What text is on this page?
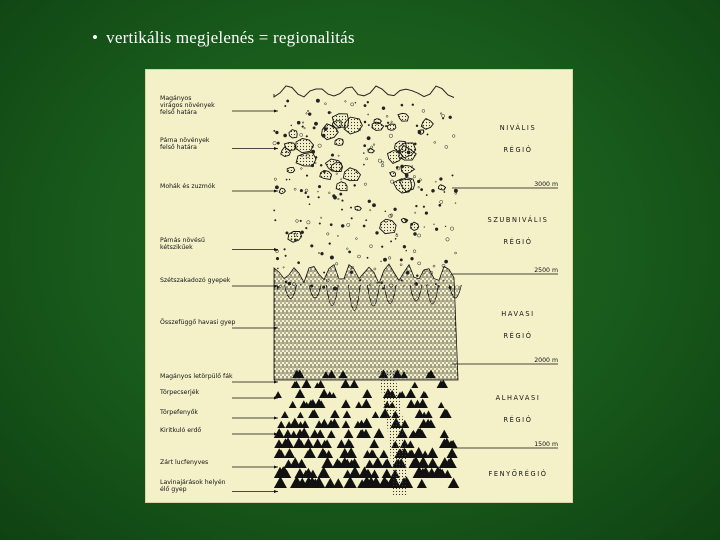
• vertikális megjelenés = regionalitás
Magányos
virágos növények
felső határa
Párna növények
felső határa
Mohák és zuzmók
Párnás növésű
kétszikűek
Szétszakadozó gyepek
Összefüggő havasi gyep
Magányos letörpülő fák
Törpecserjék
Törpefenyők
Kiritkuló erdő
Zárt lucfenyves
Lavinajárások helyén
élő gyep
NIVÁLIS
RÉGIÓ
SZUBNIVÁLIS
RÉGIÓ
HAVASI
RÉGIÓ
ALHAVASI
RÉGIÓ
FENYŐRÉGIÓ
3000 m
2500 m
2000 m
1500 m
